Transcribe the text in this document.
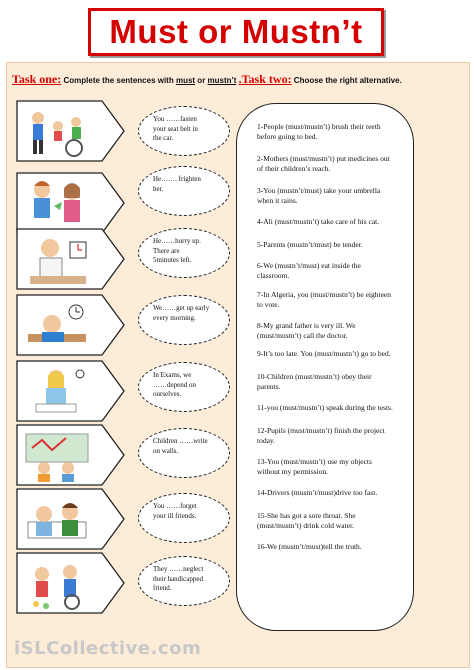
Must or Mustn’t
Task one: Complete the sentences with must or mustn’t .Task two: Choose the right alternative.
You ……fasten
your seat belt in
the car.
He……. frighten
her.
He……hurry up.
There are
5minutes left.
We……get up early
every morning.
In Exams, we
……depend on
ourselves.
Children ……write
on walls.
You ……forget
your ill friends.
They ……neglect
their handicapped
friend.
1-People (must/mustn’t) brush their teeth
before going to bed.
2-Mothers (must/mustn’t) put medicines out
of their children’s reach.
3-You (mustn’t/must) take your umbrella
when it rains.
4-Ali (must/mustn’t) take care of his cat.
5-Parents (mustn’t/must) be tender.
6-We (mustn’t/must) eat inside the
classroom.
7-In Algeria, you (must/mustn’t) be eighteen
to vote.
8-My grand father is very ill. We
(must/mustn’t) call the doctor.
9-It’s too late. You (must/mustn’t) go to bed.
10-Children (must/mustn’t) obey their
parents.
11-you (must/mustn’t) speak during the tests.
12-Pupils (must/mustn’t) finish the project
today.
13-You (must/mustn’t) use my objects
without my permission.
14-Drivers (mustn’t/must)drive too fast.
15-She has got a sore throat. She
(must/mustn’t) drink cold water.
16-We (mustn’t/must)tell the truth.
iSLCollective.com
